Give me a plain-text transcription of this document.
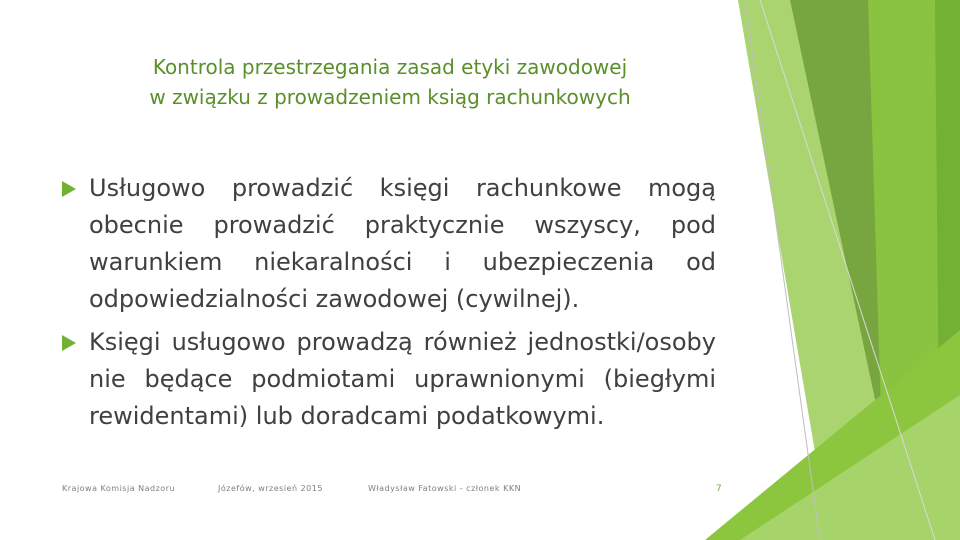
Kontrola przestrzegania zasad etyki zawodowej
w związku z prowadzeniem ksiąg rachunkowych
Usługowo prowadzić księgi rachunkowe mogą obecnie prowadzić praktycznie wszyscy, pod warunkiem niekaralności i ubezpieczenia od odpowiedzialności zawodowej (cywilnej).
Księgi usługowo prowadzą również jednostki/osoby nie będące podmiotami uprawnionymi (biegłymi rewidentami) lub doradcami podatkowymi.
Krajowa Komisja Nadzoru	Józefów, wrzesień 2015	Władysław Fatowski - członek KKN	7
